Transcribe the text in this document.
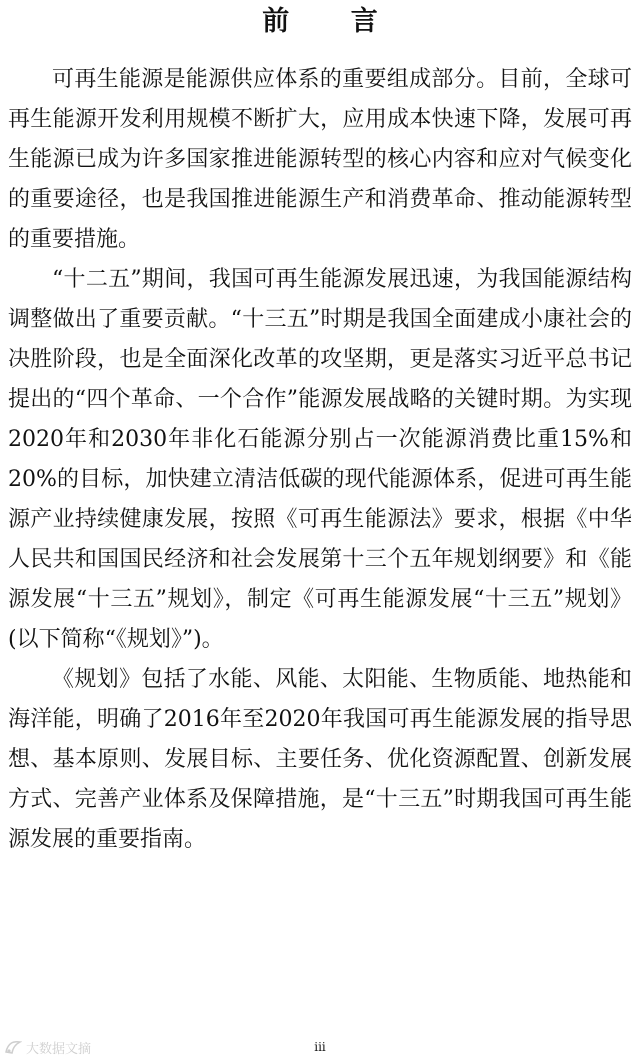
前 言

可再生能源是能源供应体系的重要组成部分。目前，全球可再生能源开发利用规模不断扩大，应用成本快速下降，发展可再生能源已成为许多国家推进能源转型的核心内容和应对气候变化的重要途径，也是我国推进能源生产和消费革命、推动能源转型的重要措施。

“十二五”期间，我国可再生能源发展迅速，为我国能源结构调整做出了重要贡献。“十三五”时期是我国全面建成小康社会的决胜阶段，也是全面深化改革的攻坚期，更是落实习近平总书记提出的“四个革命、一个合作”能源发展战略的关键时期。为实现2020年和2030年非化石能源分别占一次能源消费比重15%和20%的目标，加快建立清洁低碳的现代能源体系，促进可再生能源产业持续健康发展，按照《可再生能源法》要求，根据《中华人民共和国国民经济和社会发展第十三个五年规划纲要》和《能源发展“十三五”规划》，制定《可再生能源发展“十三五”规划》(以下简称“《规划》”)。

《规划》包括了水能、风能、太阳能、生物质能、地热能和海洋能，明确了2016年至2020年我国可再生能源发展的指导思想、基本原则、发展目标、主要任务、优化资源配置、创新发展方式、完善产业体系及保障措施，是“十三五”时期我国可再生能源发展的重要指南。

大数据文摘	iii
